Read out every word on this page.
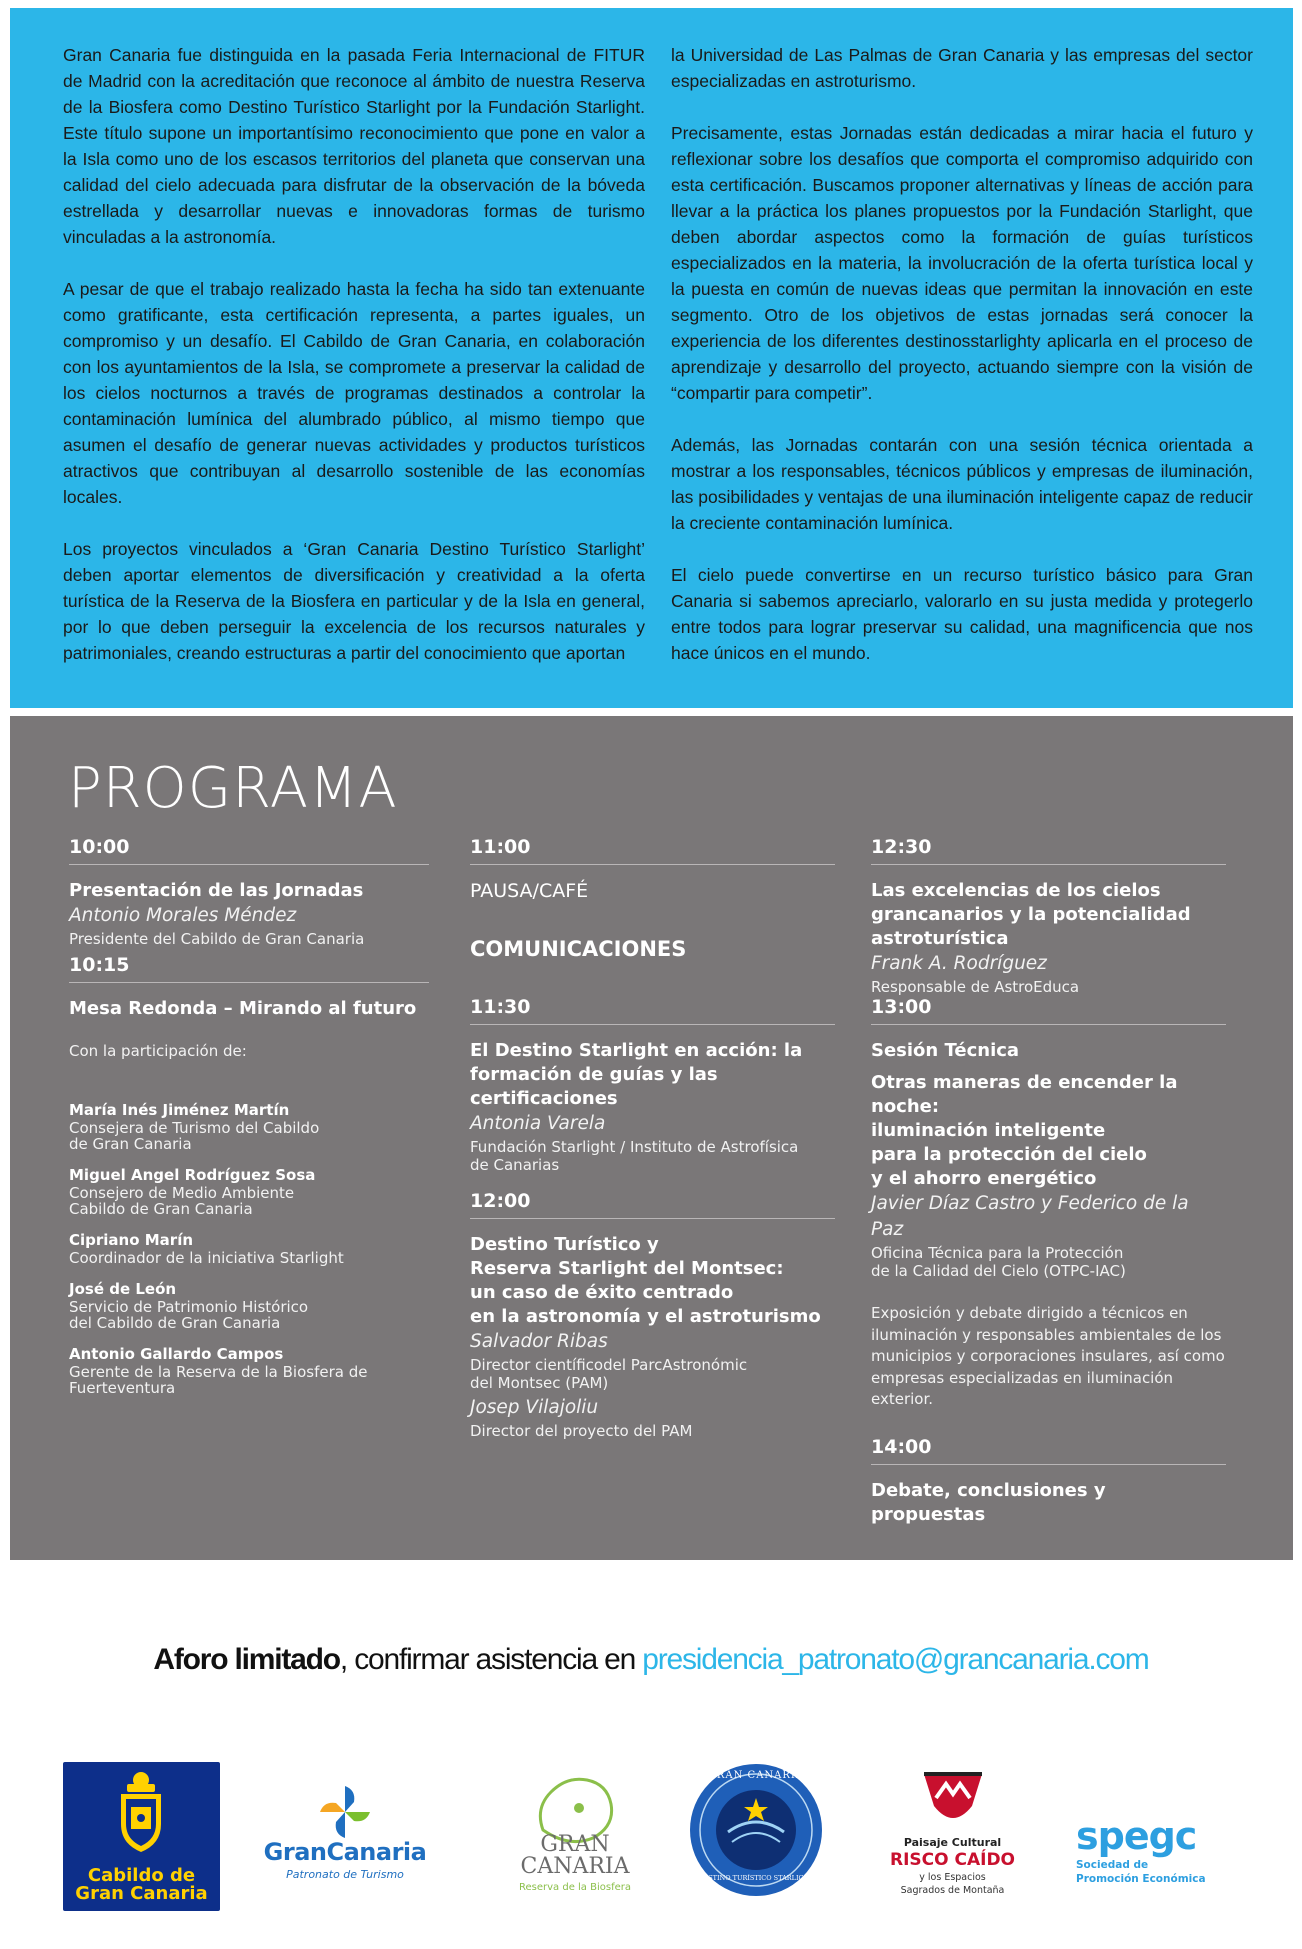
Gran Canaria fue distinguida en la pasada Feria Internacional de FITUR de Madrid con la acreditación que reconoce al ámbito de nuestra Reserva de la Biosfera como Destino Turístico Starlight por la Fundación Starlight. Este título supone un importantísimo reconocimiento que pone en valor a la Isla como uno de los escasos territorios del planeta que conservan una calidad del cielo adecuada para disfrutar de la observación de la bóveda estrellada y desarrollar nuevas e innovadoras formas de turismo vinculadas a la astronomía.

A pesar de que el trabajo realizado hasta la fecha ha sido tan extenuante como gratificante, esta certificación representa, a partes iguales, un compromiso y un desafío. El Cabildo de Gran Canaria, en colaboración con los ayuntamientos de la Isla, se compromete a preservar la calidad de los cielos nocturnos a través de programas destinados a controlar la contaminación lumínica del alumbrado público, al mismo tiempo que asumen el desafío de generar nuevas actividades y productos turísticos atractivos que contribuyan al desarrollo sostenible de las economías locales.

Los proyectos vinculados a ‘Gran Canaria Destino Turístico Starlight’ deben aportar elementos de diversificación y creatividad a la oferta turística de la Reserva de la Biosfera en particular y de la Isla en general, por lo que deben perseguir la excelencia de los recursos naturales y patrimoniales, creando estructuras a partir del conocimiento que aportan

la Universidad de Las Palmas de Gran Canaria y las empresas del sector especializadas en astroturismo.

Precisamente, estas Jornadas están dedicadas a mirar hacia el futuro y reflexionar sobre los desafíos que comporta el compromiso adquirido con esta certificación. Buscamos proponer alternativas y líneas de acción para llevar a la práctica los planes propuestos por la Fundación Starlight, que deben abordar aspectos como la formación de guías turísticos especializados en la materia, la involucración de la oferta turística local y la puesta en común de nuevas ideas que permitan la innovación en este segmento. Otro de los objetivos de estas jornadas será conocer la experiencia de los diferentes destinosstarlighty aplicarla en el proceso de aprendizaje y desarrollo del proyecto, actuando siempre con la visión de “compartir para competir”.

Además, las Jornadas contarán con una sesión técnica orientada a mostrar a los responsables, técnicos públicos y empresas de iluminación, las posibilidades y ventajas de una iluminación inteligente capaz de reducir la creciente contaminación lumínica.

El cielo puede convertirse en un recurso turístico básico para Gran Canaria si sabemos apreciarlo, valorarlo en su justa medida y protegerlo entre todos para lograr preservar su calidad, una magnificencia que nos hace únicos en el mundo.

PROGRAMA
10:00
Presentación de las Jornadas
Antonio Morales Méndez
Presidente del Cabildo de Gran Canaria
10:15
Mesa Redonda – Mirando al futuro
Con la participación de:
María Inés Jiménez Martín
Consejera de Turismo del Cabildo
de Gran Canaria
Miguel Angel Rodríguez Sosa
Consejero de Medio Ambiente
Cabildo de Gran Canaria
Cipriano Marín
Coordinador de la iniciativa Starlight
José de León
Servicio de Patrimonio Histórico
del Cabildo de Gran Canaria
Antonio Gallardo Campos
Gerente de la Reserva de la Biosfera de
Fuerteventura
11:00
PAUSA/CAFÉ
COMUNICACIONES
11:30
El Destino Starlight en acción: la
formación de guías y las certificaciones
Antonia Varela
Fundación Starlight / Instituto de Astrofísica
de Canarias
12:00
Destino Turístico y
Reserva Starlight del Montsec:
un caso de éxito centrado
en la astronomía y el astroturismo
Salvador Ribas
Director científicodel ParcAstronómic
del Montsec (PAM)
Josep Vilajoliu
Director del proyecto del PAM
12:30
Las excelencias de los cielos
grancanarios y la potencialidad
astroturística
Frank A. Rodríguez
Responsable de AstroEduca
13:00
Sesión Técnica
Otras maneras de encender la noche:
iluminación inteligente
para la protección del cielo
y el ahorro energético
Javier Díaz Castro y Federico de la Paz
Oficina Técnica para la Protección
de la Calidad del Cielo (OTPC-IAC)
Exposición y debate dirigido a técnicos en
iluminación y responsables ambientales de los
municipios y corporaciones insulares, así como
empresas especializadas en iluminación exterior.
14:00
Debate, conclusiones y propuestas
Aforo limitado, confirmar asistencia en presidencia_patronato@grancanaria.com
Cabildo de
Gran Canaria
GranCanaria
Patronato de Turismo
GRAN
CANARIA
Reserva de la Biosfera
GRAN CANARIA
DESTINO TURÍSTICO STARLIGHT
Paisaje Cultural
RISCO CAÍDO
y los Espacios
Sagrados de Montaña
spegc
Sociedad de
Promoción Económica
